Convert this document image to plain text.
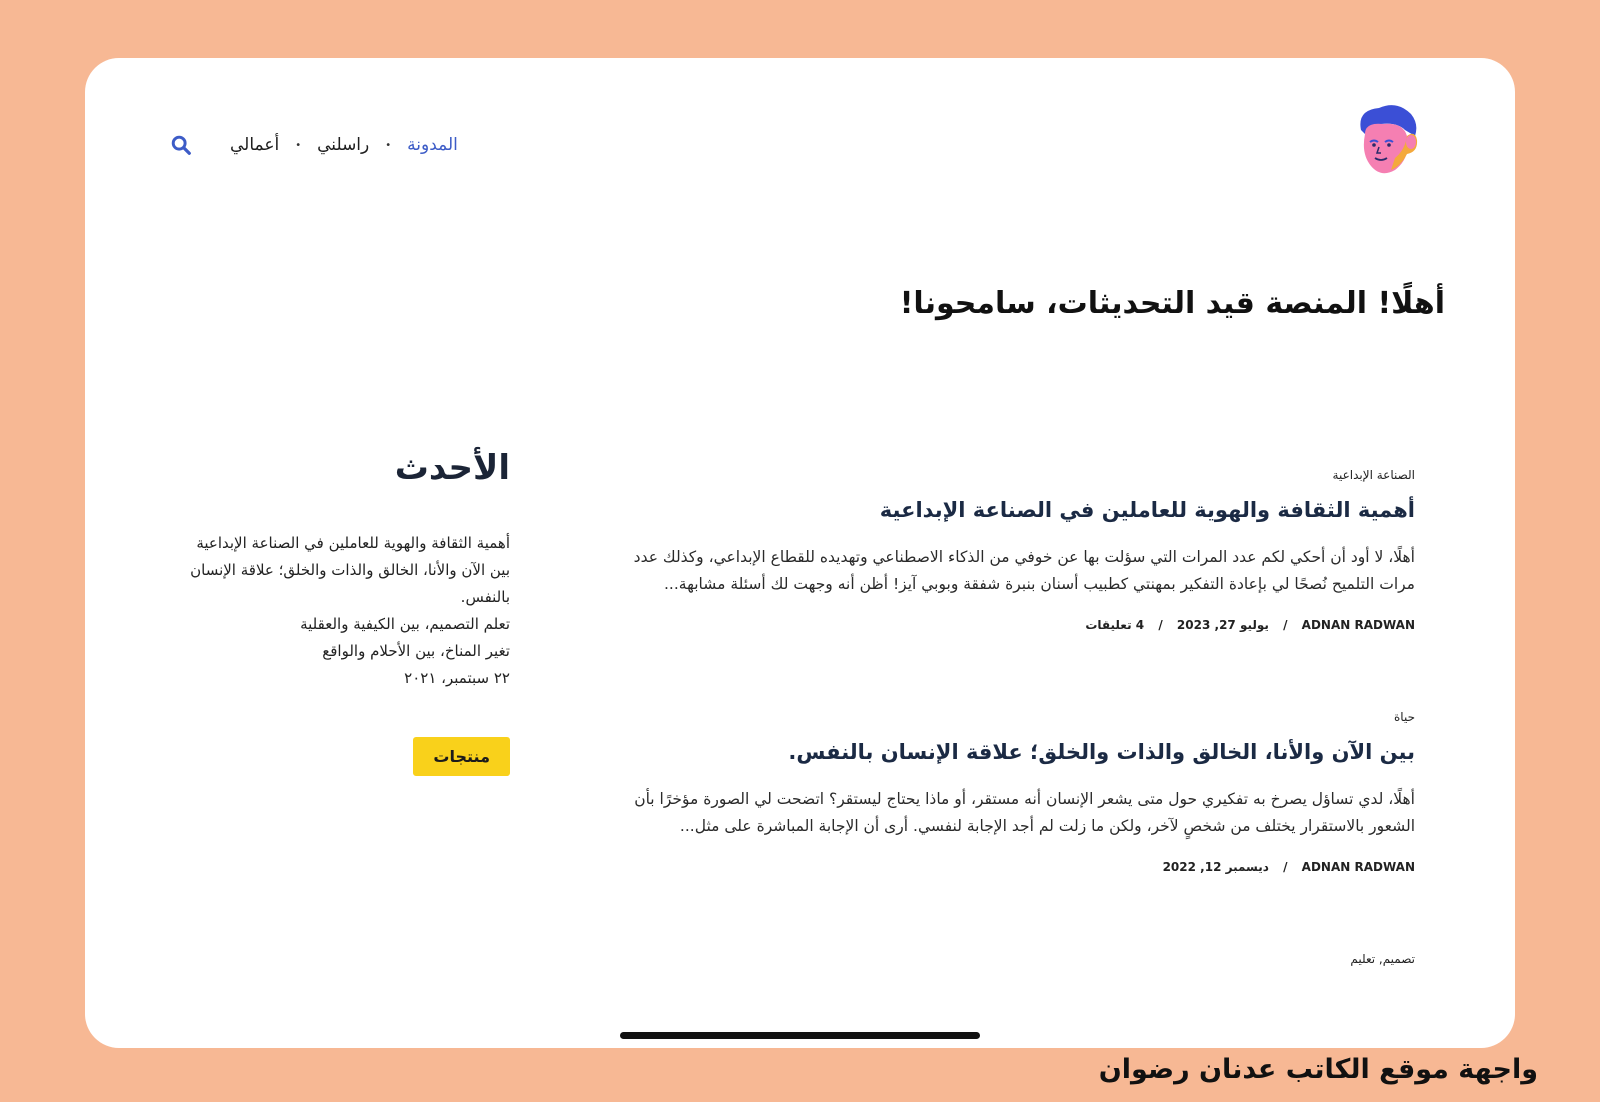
أعمالي • راسلني • المدونة
أهلًا! المنصة قيد التحديثات، سامحونا!
الأحدث
أهمية الثقافة والهوية للعاملين في الصناعة الإبداعية
بين الآن والأنا، الخالق والذات والخلق؛ علاقة الإنسان بالنفس.
تعلم التصميم، بين الكيفية والعقلية
تغير المناخ، بين الأحلام والواقع
٢٢ سبتمبر، ٢٠٢١
منتجات
الصناعة الإبداعية
أهمية الثقافة والهوية للعاملين في الصناعة الإبداعية

أهلًا، لا أود أن أحكي لكم عدد المرات التي سؤلت بها عن خوفي من الذكاء الاصطناعي وتهديده للقطاع الإبداعي، وكذلك عدد مرات التلميح نُصحًا لي بإعادة التفكير بمهنتي كطبيب أسنان بنبرة شفقة وبوبي آيز! أظن أنه وجهت لك أسئلة مشابهة...

ADNAN RADWAN / يوليو 27, 2023 / 4 تعليقات
حياة
بين الآن والأنا، الخالق والذات والخلق؛ علاقة الإنسان بالنفس.

أهلًا، لدي تساؤل يصرخ به تفكيري حول متى يشعر الإنسان أنه مستقر، أو ماذا يحتاج ليستقر؟ اتضحت لي الصورة مؤخرًا بأن الشعور بالاستقرار يختلف من شخصٍ لآخر، ولكن ما زلت لم أجد الإجابة لنفسي. أرى أن الإجابة المباشرة على مثل...

ADNAN RADWAN / ديسمبر 12, 2022
تصميم, تعليم
واجهة موقع الكاتب عدنان رضوان
